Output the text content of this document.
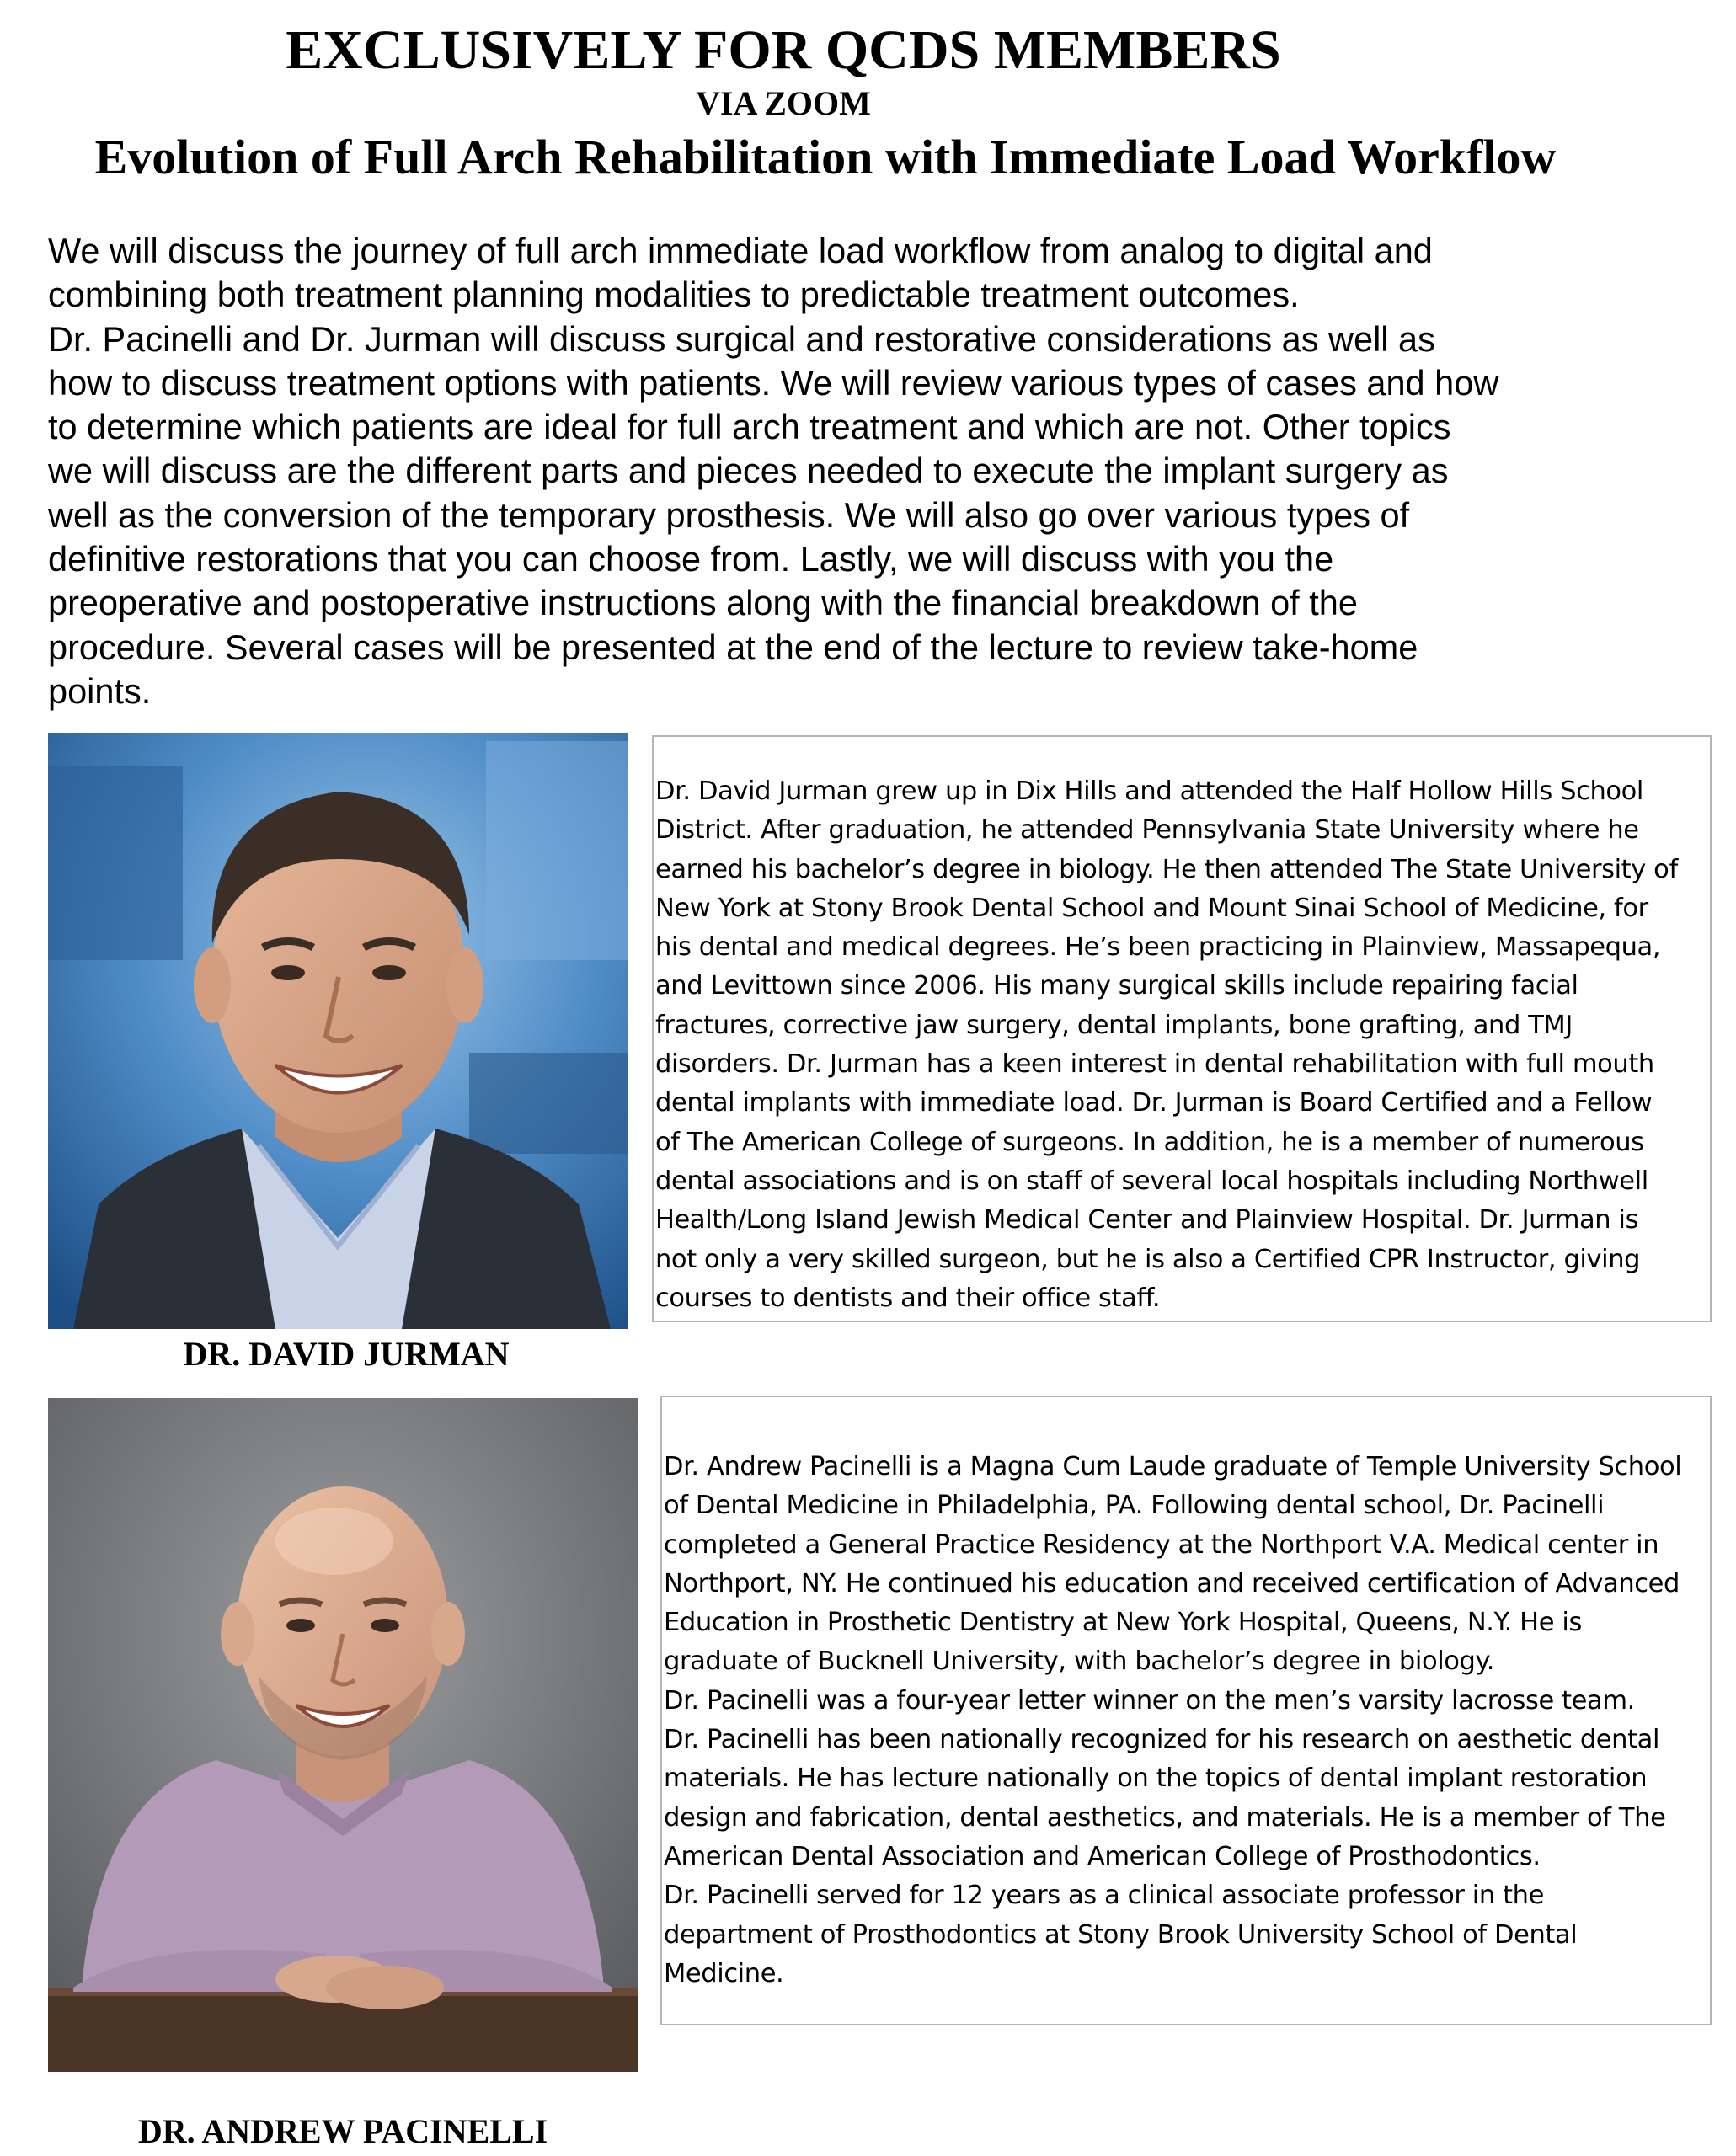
EXCLUSIVELY FOR QCDS MEMBERS
VIA ZOOM
Evolution of Full Arch Rehabilitation with Immediate Load Workflow

We will discuss the journey of full arch immediate load workflow from analog to digital and

combining both treatment planning modalities to predictable treatment outcomes.

Dr. Pacinelli and Dr. Jurman will discuss surgical and restorative considerations as well as

how to discuss treatment options with patients. We will review various types of cases and how

to determine which patients are ideal for full arch treatment and which are not. Other topics

we will discuss are the different parts and pieces needed to execute the implant surgery as

well as the conversion of the temporary prosthesis. We will also go over various types of

definitive restorations that you can choose from. Lastly, we will discuss with you the

preoperative and postoperative instructions along with the financial breakdown of the

procedure. Several cases will be presented at the end of the lecture to review take-home

points.

Dr. David Jurman grew up in Dix Hills and attended the Half Hollow Hills School

District. After graduation, he attended Pennsylvania State University where he

earned his bachelor’s degree in biology. He then attended The State University of

New York at Stony Brook Dental School and Mount Sinai School of Medicine, for

his dental and medical degrees. He’s been practicing in Plainview, Massapequa,

and Levittown since 2006. His many surgical skills include repairing facial

fractures, corrective jaw surgery, dental implants, bone grafting, and TMJ

disorders. Dr. Jurman has a keen interest in dental rehabilitation with full mouth

dental implants with immediate load. Dr. Jurman is Board Certified and a Fellow

of The American College of surgeons. In addition, he is a member of numerous

dental associations and is on staff of several local hospitals including Northwell

Health/Long Island Jewish Medical Center and Plainview Hospital. Dr. Jurman is

not only a very skilled surgeon, but he is also a Certified CPR Instructor, giving

courses to dentists and their office staff.

DR. DAVID JURMAN

Dr. Andrew Pacinelli is a Magna Cum Laude graduate of Temple University School

of Dental Medicine in Philadelphia, PA. Following dental school, Dr. Pacinelli

completed a General Practice Residency at the Northport V.A. Medical center in

Northport, NY. He continued his education and received certification of Advanced

Education in Prosthetic Dentistry at New York Hospital, Queens, N.Y. He is

graduate of Bucknell University, with bachelor’s degree in biology.

Dr. Pacinelli was a four-year letter winner on the men’s varsity lacrosse team.

Dr. Pacinelli has been nationally recognized for his research on aesthetic dental

materials. He has lecture nationally on the topics of dental implant restoration

design and fabrication, dental aesthetics, and materials. He is a member of The

American Dental Association and American College of Prosthodontics.

Dr. Pacinelli served for 12 years as a clinical associate professor in the

department of Prosthodontics at Stony Brook University School of Dental

Medicine.

DR. ANDREW PACINELLI
